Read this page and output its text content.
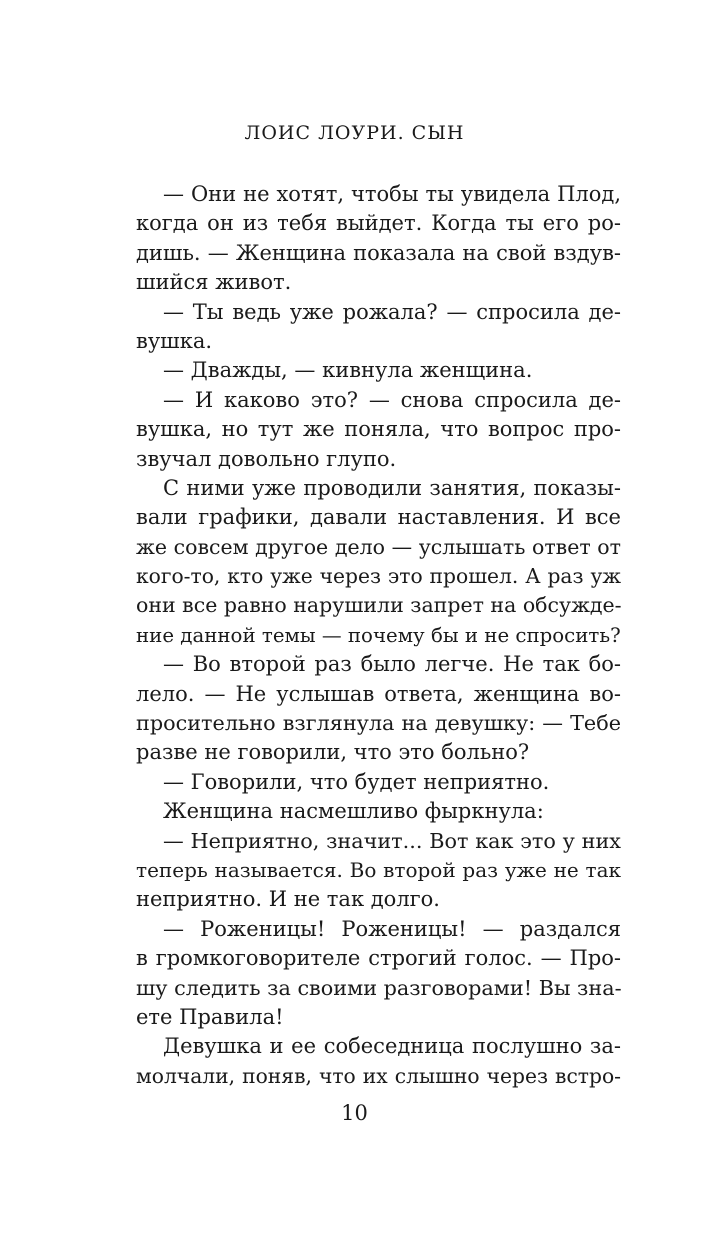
ЛОИС ЛОУРИ. СЫН
— Они не хотят, чтобы ты увидела Плод,
когда он из тебя выйдет. Когда ты его ро-
дишь. — Женщина показала на свой вздув-
шийся живот.
— Ты ведь уже рожала? — спросила де-
вушка.
— Дважды, — кивнула женщина.
— И каково это? — снова спросила де-
вушка, но тут же поняла, что вопрос про-
звучал довольно глупо.
С ними уже проводили занятия, показы-
вали графики, давали наставления. И все
же совсем другое дело — услышать ответ от
кого-то, кто уже через это прошел. А раз уж
они все равно нарушили запрет на обсужде-
ние данной темы — почему бы и не спросить?
— Во второй раз было легче. Не так бо-
лело. — Не услышав ответа, женщина во-
просительно взглянула на девушку: — Тебе
разве не говорили, что это больно?
— Говорили, что будет неприятно.
Женщина насмешливо фыркнула:
— Неприятно, значит... Вот как это у них
теперь называется. Во второй раз уже не так
неприятно. И не так долго.
— Роженицы! Роженицы! — раздался
в громкоговорителе строгий голос. — Про-
шу следить за своими разговорами! Вы зна-
ете Правила!
Девушка и ее собеседница послушно за-
молчали, поняв, что их слышно через встро-
10
